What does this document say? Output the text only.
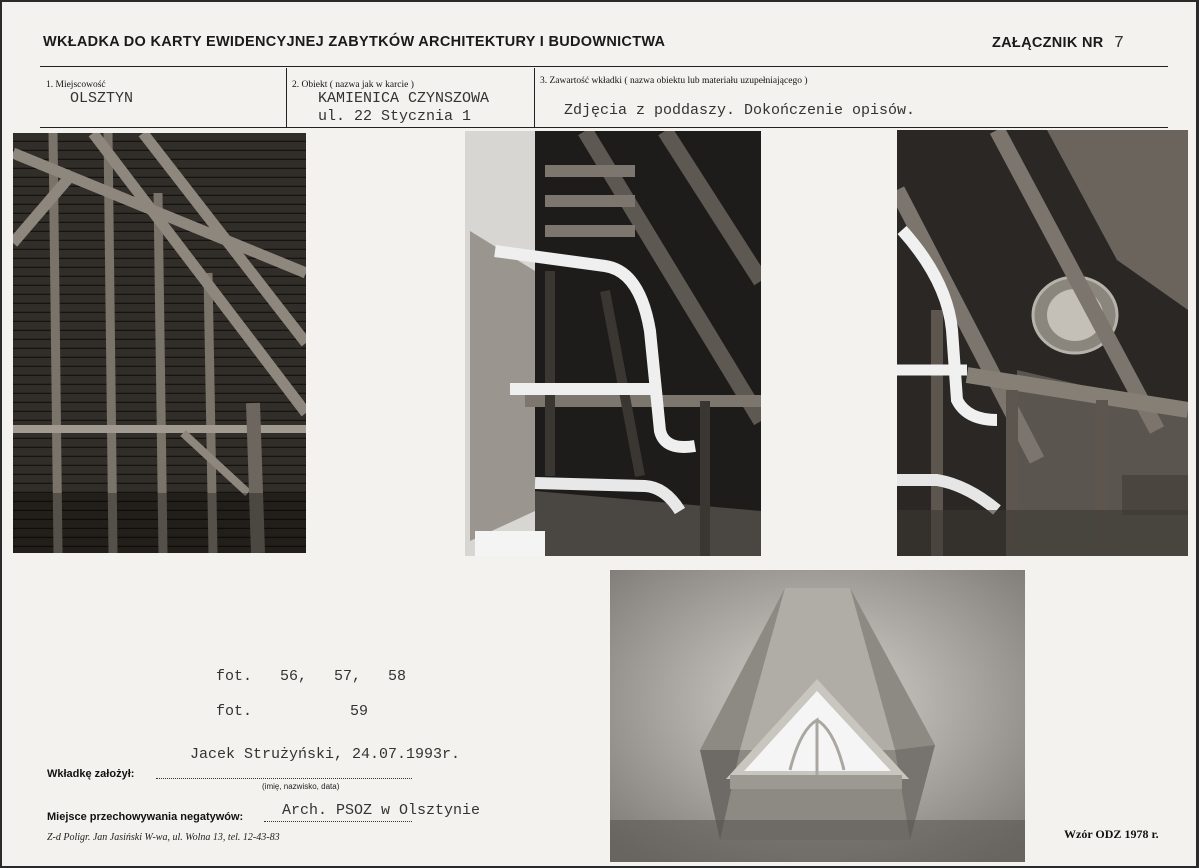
WKŁADKA DO KARTY EWIDENCYJNEJ ZABYTKÓW ARCHITEKTURY I BUDOWNICTWA	ZAŁĄCZNIK NR 7
1. Miejscowość
OLSZTYN
2. Obiekt ( nazwa jak w karcie )
KAMIENICA CZYNSZOWA
ul. 22 Stycznia 1
3. Zawartość wkładki ( nazwa obiektu lub materiału uzupełniającego )
Zdjęcia z poddaszy. Dokończenie opisów.

fot. 56,   57,   58

fot.	59

Jacek Strużyński, 24.07.1993r.
Wkładkę założył:
(imię, nazwisko, data)
Arch. PSOZ w Olsztynie
Miejsce przechowywania negatywów:
Z-d Poligr. Jan Jasiński W-wa, ul. Wolna 13, tel. 12-43-83	Wzór ODZ 1978 r.
